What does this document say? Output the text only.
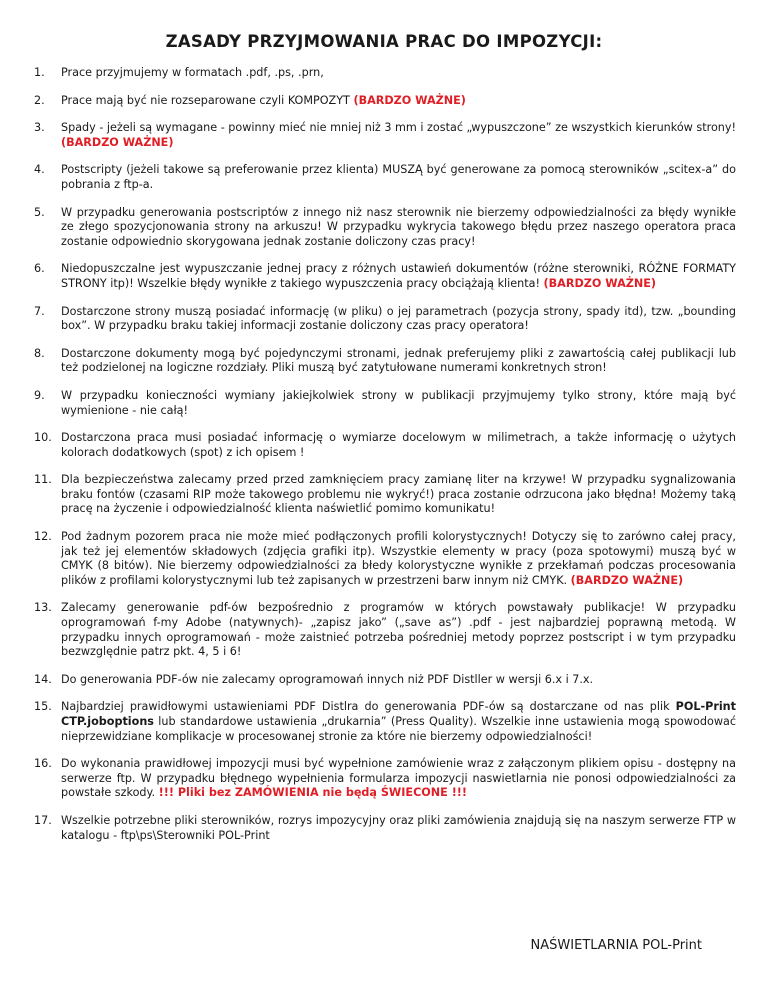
ZASADY PRZYJMOWANIA PRAC DO IMPOZYCJI:
1. Prace przyjmujemy w formatach .pdf, .ps, .prn,
2. Prace mają być nie rozseparowane czyli KOMPOZYT (BARDZO WAŻNE)
3. Spady - jeżeli są wymagane - powinny mieć nie mniej niż 3 mm i zostać „wypuszczone” ze wszystkich kierunków strony! (BARDZO WAŻNE)
4. Postscripty (jeżeli takowe są preferowanie przez klienta) MUSZĄ być generowane za pomocą sterowników „scitex-a” do pobrania z ftp-a.
5. W przypadku generowania postscriptów z innego niż nasz sterownik nie bierzemy odpowiedzialności za błędy wynikłe ze złego spozycjonowania strony na arkuszu! W przypadku wykrycia takowego błędu przez naszego operatora praca zostanie odpowiednio skorygowana jednak zostanie doliczony czas pracy!
6. Niedopuszczalne jest wypuszczanie jednej pracy z różnych ustawień dokumentów (różne sterowniki, RÓŻNE FORMATY STRONY itp)! Wszelkie błędy wynikłe z takiego wypuszczenia pracy obciążają klienta! (BARDZO WAŻNE)
7. Dostarczone strony muszą posiadać informację (w pliku) o jej parametrach (pozycja strony, spady itd), tzw. „bounding box”. W przypadku braku takiej informacji zostanie doliczony czas pracy operatora!
8. Dostarczone dokumenty mogą być pojedynczymi stronami, jednak preferujemy pliki z zawartością całej publikacji lub też podzielonej na logiczne rozdziały. Pliki muszą być zatytułowane numerami konkretnych stron!
9. W przypadku konieczności wymiany jakiejkolwiek strony w publikacji przyjmujemy tylko strony, które mają być wymienione - nie całą!
10. Dostarczona praca musi posiadać informację o wymiarze docelowym w milimetrach, a także informację o użytych kolorach dodatkowych (spot) z ich opisem !
11. Dla bezpieczeństwa zalecamy przed przed zamknięciem pracy zamianę liter na krzywe! W przypadku sygnalizowania braku fontów (czasami RIP może takowego problemu nie wykryć!) praca zostanie odrzucona jako błędna! Możemy taką pracę na życzenie i odpowiedzialność klienta naświetlić pomimo komunikatu!
12. Pod żadnym pozorem praca nie może mieć podłączonych profili kolorystycznych! Dotyczy się to zarówno całej pracy, jak też jej elementów składowych (zdjęcia grafiki itp). Wszystkie elementy w pracy (poza spotowymi) muszą być w CMYK (8 bitów). Nie bierzemy odpowiedzialności za błedy kolorystyczne wynikłe z przekłamań podczas procesowania plików z profilami kolorystycznymi lub też zapisanych w przestrzeni barw innym niż CMYK. (BARDZO WAŻNE)
13. Zalecamy generowanie pdf-ów bezpośrednio z programów w których powstawały publikacje! W przypadku oprogramowań f-my Adobe (natywnych)- „zapisz jako” („save as”) .pdf - jest najbardziej poprawną metodą. W przypadku innych oprogramowań - może zaistnieć potrzeba pośredniej metody poprzez postscript i w tym przypadku bezwzględnie patrz pkt. 4, 5 i 6!
14. Do generowania PDF-ów nie zalecamy oprogramowań innych niż PDF Distller w wersji 6.x i 7.x.
15. Najbardziej prawidłowymi ustawieniami PDF Distlra do generowania PDF-ów są dostarczane od nas plik POL-Print CTP.joboptions lub standardowe ustawienia „drukarnia” (Press Quality). Wszelkie inne ustawienia mogą spowodować nieprzewidziane komplikacje w procesowanej stronie za które nie bierzemy odpowiedzialności!
16. Do wykonania prawidłowej impozycji musi być wypełnione zamówienie wraz z załączonym plikiem opisu - dostępny na serwerze ftp. W przypadku błędnego wypełnienia formularza impozycji naswietlarnia nie ponosi odpowiedzialności za powstałe szkody. !!! Pliki bez ZAMÓWIENIA nie będą ŚWIECONE !!!
17. Wszelkie potrzebne pliki sterowników, rozrys impozycyjny oraz pliki zamówienia znajdują się na naszym serwerze FTP w katalogu - ftp\ps\Sterowniki POL-Print
NAŚWIETLARNIA POL-Print
